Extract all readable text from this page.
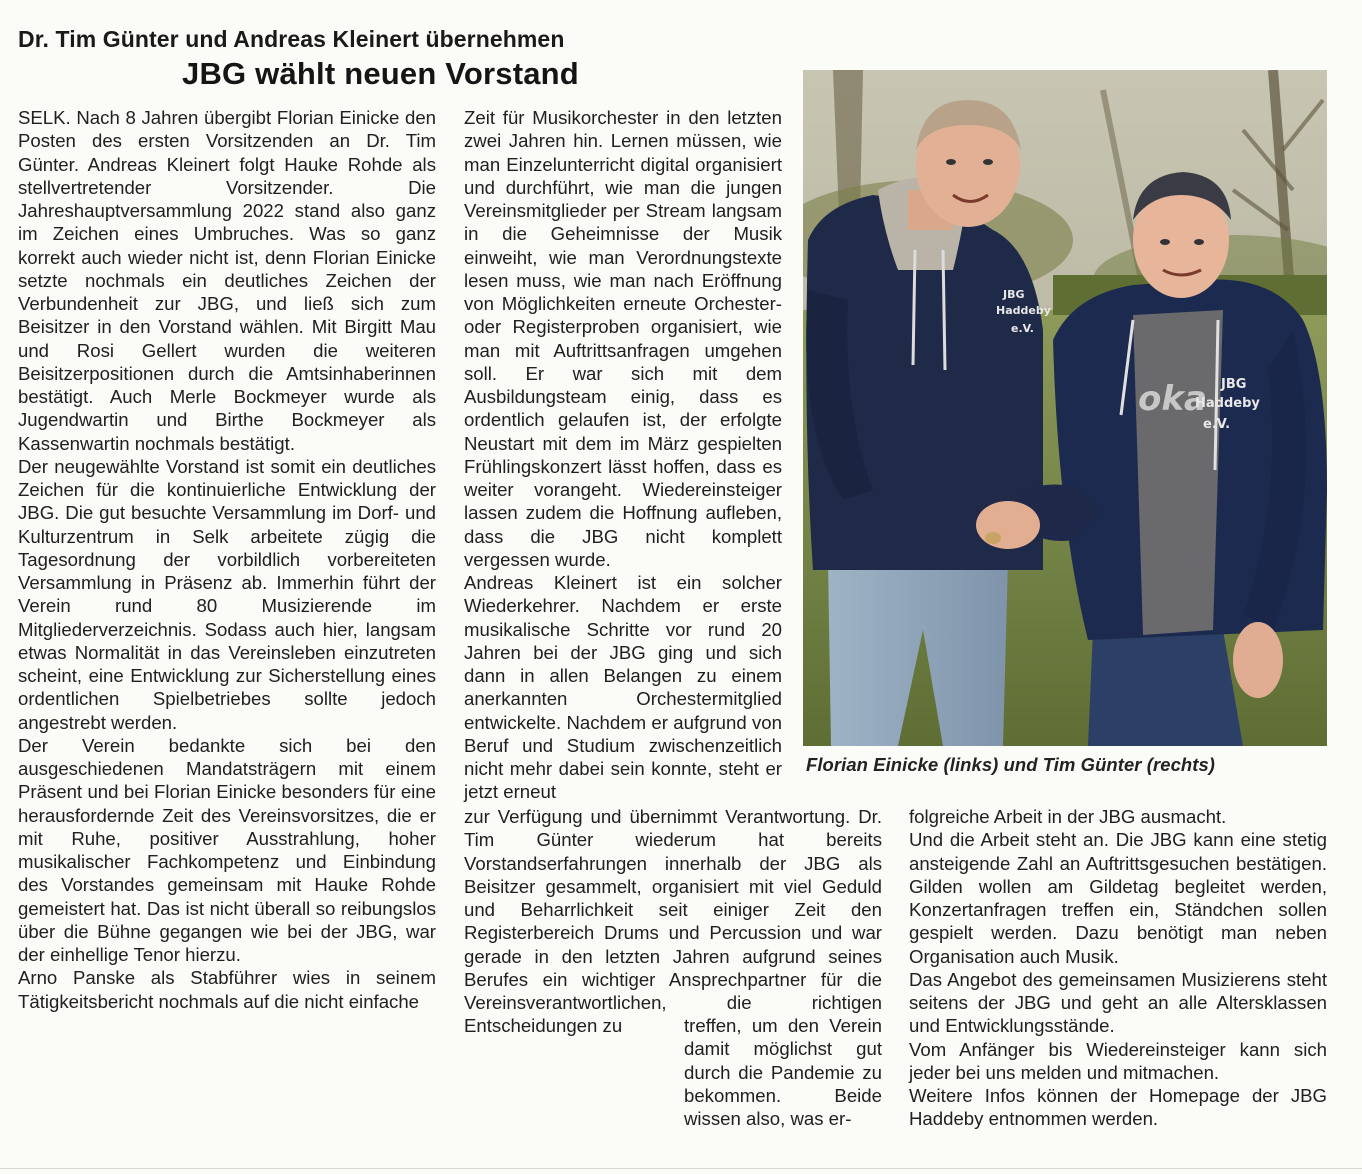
Dr. Tim Günter und Andreas Kleinert übernehmen
JBG wählt neuen Vorstand

SELK. Nach 8 Jahren übergibt Florian Einicke den Posten des ersten Vorsitzenden an Dr. Tim Günter. Andreas Kleinert folgt Hauke Rohde als stellvertretender Vorsitzender. Die Jahreshauptversammlung 2022 stand also ganz im Zeichen eines Umbruches. Was so ganz korrekt auch wieder nicht ist, denn Florian Einicke setzte nochmals ein deutliches Zeichen der Verbundenheit zur JBG, und ließ sich zum Beisitzer in den Vorstand wählen. Mit Birgitt Mau und Rosi Gellert wurden die weiteren Beisitzerpositionen durch die Amtsinhaberinnen bestätigt. Auch Merle Bockmeyer wurde als Jugendwartin und Birthe Bockmeyer als Kassenwartin nochmals bestätigt.

Der neugewählte Vorstand ist somit ein deutliches Zeichen für die kontinuierliche Entwicklung der JBG. Die gut besuchte Versammlung im Dorf- und Kulturzentrum in Selk arbeitete zügig die Tagesordnung der vorbildlich vorbereiteten Versammlung in Präsenz ab. Immerhin führt der Verein rund 80 Musizierende im Mitgliederverzeichnis. Sodass auch hier, langsam etwas Normalität in das Vereinsleben einzutreten scheint, eine Entwicklung zur Sicherstellung eines ordentlichen Spielbetriebes sollte jedoch angestrebt werden.

Der Verein bedankte sich bei den ausgeschiedenen Mandatsträgern mit einem Präsent und bei Florian Einicke besonders für eine herausfordernde Zeit des Vereinsvorsitzes, die er mit Ruhe, positiver Ausstrahlung, hoher musikalischer Fachkompetenz und Einbindung des Vorstandes gemeinsam mit Hauke Rohde gemeistert hat. Das ist nicht überall so reibungslos über die Bühne gegangen wie bei der JBG, war der einhellige Tenor hierzu.

Arno Panske als Stabführer wies in seinem Tätigkeitsbericht nochmals auf die nicht einfache

Zeit für Musikorchester in den letzten zwei Jahren hin. Lernen müssen, wie man Einzelunterricht digital organisiert und durchführt, wie man die jungen Vereinsmitglieder per Stream langsam in die Geheimnisse der Musik einweiht, wie man Verordnungstexte lesen muss, wie man nach Eröffnung von Möglichkeiten erneute Orchester- oder Registerproben organisiert, wie man mit Auftrittsanfragen umgehen soll. Er war sich mit dem Ausbildungsteam einig, dass es ordentlich gelaufen ist, der erfolgte Neustart mit dem im März gespielten Frühlingskonzert lässt hoffen, dass es weiter vorangeht. Wiedereinsteiger lassen zudem die Hoffnung aufleben, dass die JBG nicht komplett vergessen wurde.

Andreas Kleinert ist ein solcher Wiederkehrer. Nachdem er erste musikalische Schritte vor rund 20 Jahren bei der JBG ging und sich dann in allen Belangen zu einem anerkannten Orchestermitglied entwickelte. Nachdem er aufgrund von Beruf und Studium zwischenzeitlich nicht mehr dabei sein konnte, steht er jetzt erneut

zur Verfügung und übernimmt Verantwortung. Dr. Tim Günter wiederum hat bereits Vorstandserfahrungen innerhalb der JBG als Beisitzer gesammelt, organisiert mit viel Geduld und Beharrlichkeit seit einiger Zeit den Registerbereich Drums und Percussion und war gerade in den letzten Jahren aufgrund seines Berufes ein wichtiger Ansprechpartner für die Vereinsverantwortlichen, die richtigen Entscheidungen zu	treffen, um den Verein damit möglichst gut durch die Pandemie zu bekommen. Beide wissen also, was er-

folgreiche Arbeit in der JBG ausmacht.

Und die Arbeit steht an. Die JBG kann eine stetig ansteigende Zahl an Auftrittsgesuchen bestätigen. Gilden wollen am Gildetag begleitet werden, Konzertanfragen treffen ein, Ständchen sollen gespielt werden. Dazu benötigt man neben Organisation auch Musik.

Das Angebot des gemeinsamen Musizierens steht seitens der JBG und geht an alle Altersklassen und Entwicklungsstände.

Vom Anfänger bis Wiedereinsteiger kann sich jeder bei uns melden und mitmachen.

Weitere Infos können der Homepage der JBG Haddeby entnommen werden.

JBG
Haddeby
e.V.
oka JBG
Haddeby
e.V.
Florian Einicke (links) und Tim Günter (rechts)
